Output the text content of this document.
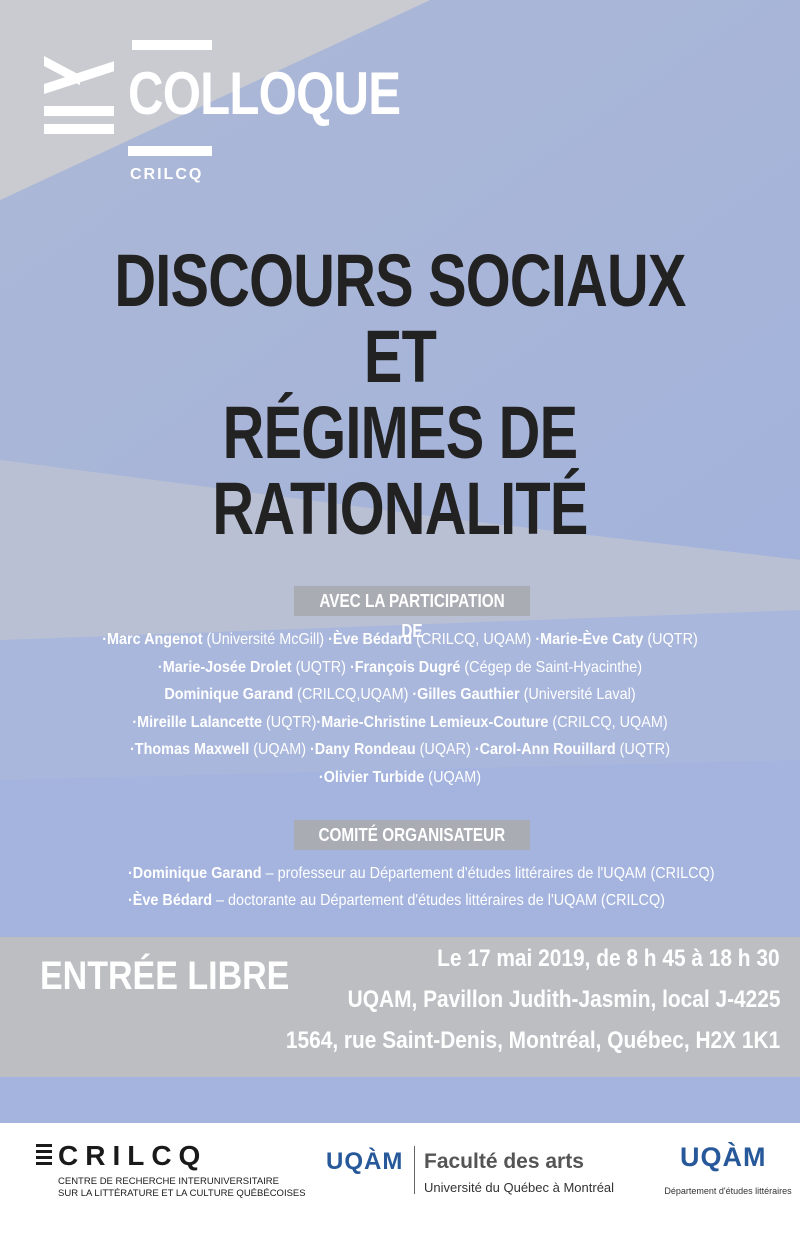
COLLOQUE
CRILCQ
DISCOURS SOCIAUX
ET
RÉGIMES DE RATIONALITÉ
AVEC LA PARTICIPATION DE
·Marc Angenot (Université McGill) ·Ève Bédard (CRILCQ, UQAM) ·Marie-Ève Caty (UQTR)
·Marie-Josée Drolet (UQTR) ·François Dugré (Cégep de Saint-Hyacinthe)
Dominique Garand (CRILCQ,UQAM) ·Gilles Gauthier (Université Laval)
·Mireille Lalancette (UQTR)·Marie-Christine Lemieux-Couture (CRILCQ, UQAM)
·Thomas Maxwell (UQAM) ·Dany Rondeau (UQAR) ·Carol-Ann Rouillard (UQTR)
·Olivier Turbide (UQAM)
COMITÉ ORGANISATEUR
·Dominique Garand – professeur au Département d'études littéraires de l'UQAM (CRILCQ)
·Ève Bédard – doctorante au Département d'études littéraires de l'UQAM (CRILCQ)
ENTRÉE LIBRE	Le 17 mai 2019, de 8 h 45 à 18 h 30
UQAM, Pavillon Judith-Jasmin, local J-4225
1564, rue Saint-Denis, Montréal, Québec, H2X 1K1
CRILCQ
CENTRE DE RECHERCHE INTERUNIVERSITAIRE
SUR LA LITTÉRATURE ET LA CULTURE QUÉBÉCOISES
UQÀM Faculté des arts
Université du Québec à Montréal
UQÀM
Département d'études littéraires
